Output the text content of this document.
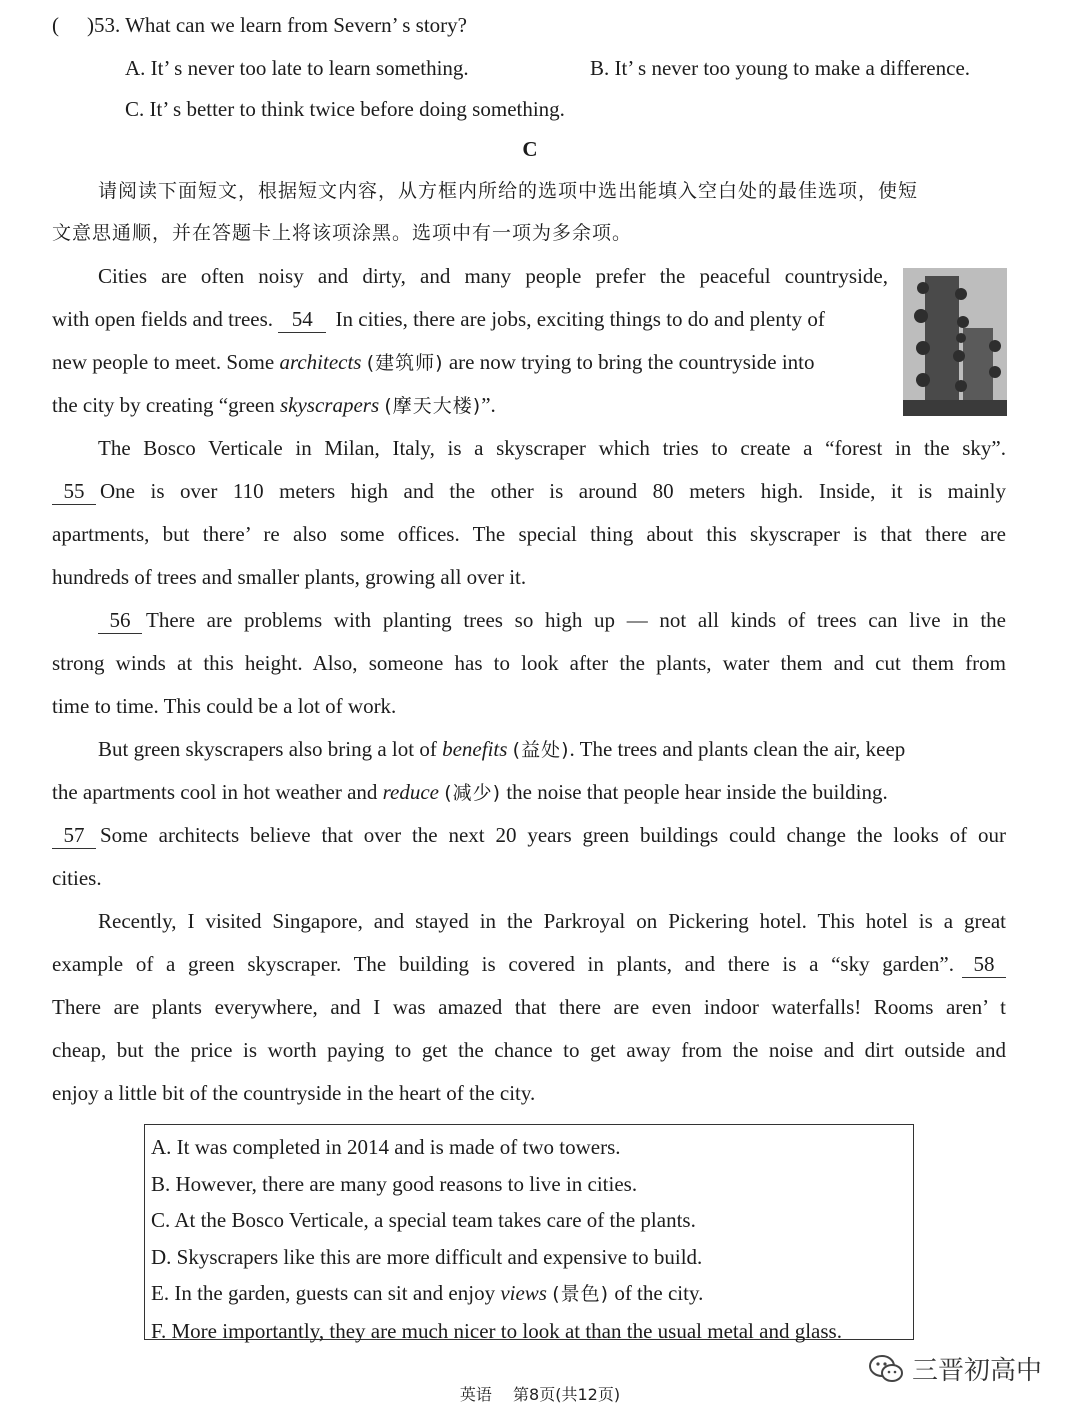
( )53. What can we learn from Severn’ s story?
A. It’ s never too late to learn something.	B. It’ s never too young to make a difference.
C. It’ s better to think twice before doing something.
C
请阅读下面短文，根据短文内容，从方框内所给的选项中选出能填入空白处的最佳选项，使短
文意思通顺，并在答题卡上将该项涂黑。选项中有一项为多余项。
Cities are often noisy and dirty, and many people prefer the peaceful countryside,
with open fields and trees. 54 In cities, there are jobs, exciting things to do and plenty of
new people to meet. Some architects (建筑师) are now trying to bring the countryside into
the city by creating “green skyscrapers (摩天大楼)”.
The Bosco Verticale in Milan, Italy, is a skyscraper which tries to create a “forest in the sky”.
55 One is over 110 meters high and the other is around 80 meters high. Inside, it is mainly
apartments, but there’ re also some offices. The special thing about this skyscraper is that there are
hundreds of trees and smaller plants, growing all over it.
56 There are problems with planting trees so high up — not all kinds of trees can live in the
strong winds at this height. Also, someone has to look after the plants, water them and cut them from
time to time. This could be a lot of work.
But green skyscrapers also bring a lot of benefits (益处). The trees and plants clean the air, keep
the apartments cool in hot weather and reduce (减少) the noise that people hear inside the building.
57 Some architects believe that over the next 20 years green buildings could change the looks of our
cities.
Recently, I visited Singapore, and stayed in the Parkroyal on Pickering hotel. This hotel is a great
example of a green skyscraper. The building is covered in plants, and there is a “sky garden”. 58
There are plants everywhere, and I was amazed that there are even indoor waterfalls! Rooms aren’ t
cheap, but the price is worth paying to get the chance to get away from the noise and dirt outside and
enjoy a little bit of the countryside in the heart of the city.
A. It was completed in 2014 and is made of two towers.
B. However, there are many good reasons to live in cities.
C. At the Bosco Verticale, a special team takes care of the plants.
D. Skyscrapers like this are more difficult and expensive to build.
E. In the garden, guests can sit and enjoy views (景色) of the city.
F. More importantly, they are much nicer to look at than the usual metal and glass.
三晋初高中
英语 第8页(共12页)
